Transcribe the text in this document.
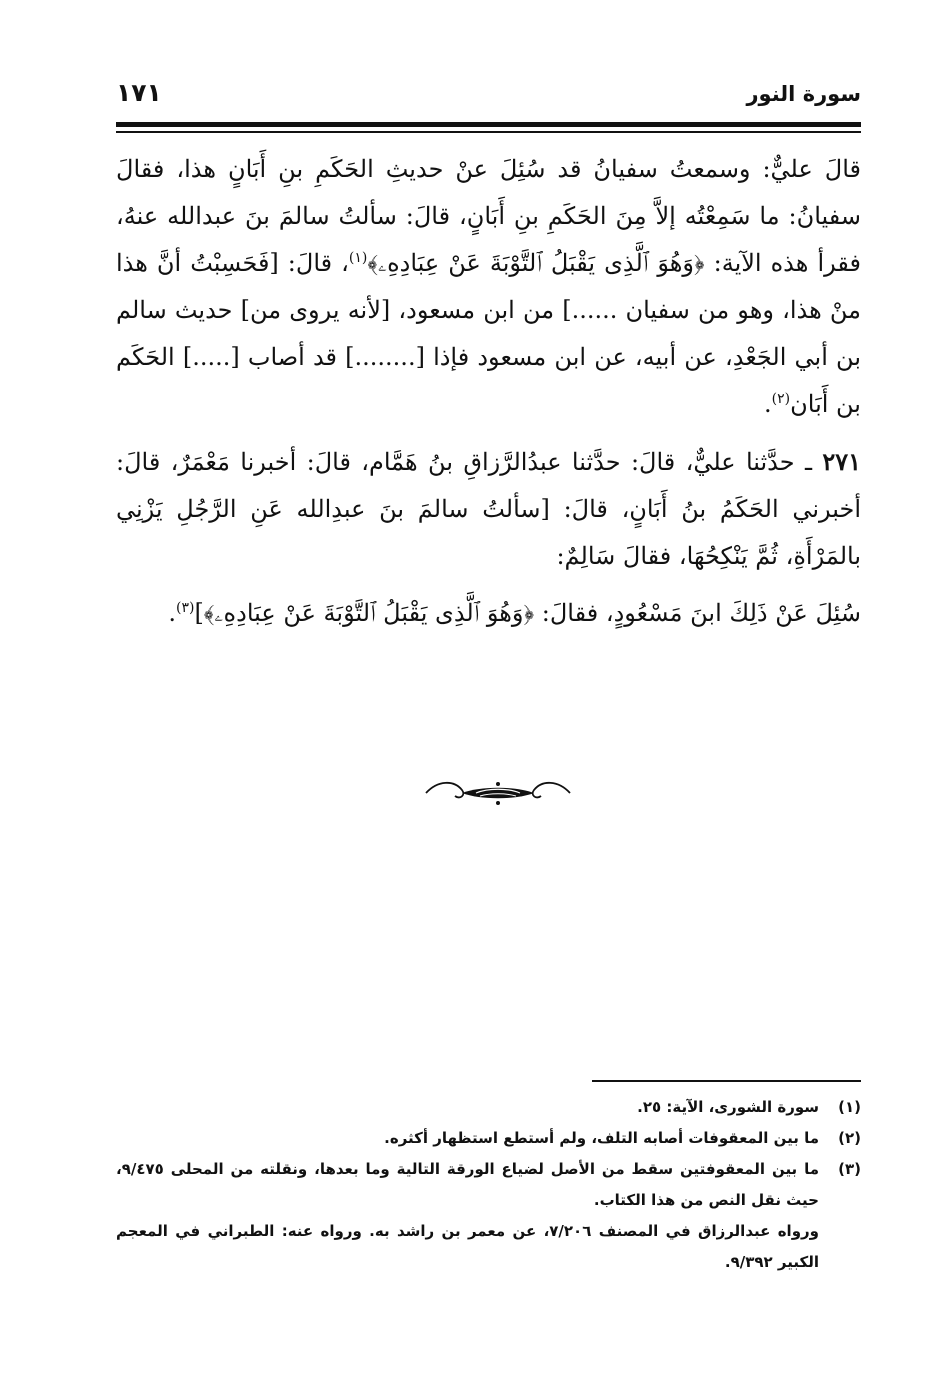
سورة النور
١٧١

قالَ عليٌّ: وسمعتُ سفيانُ قد سُئِلَ عنْ حديثِ الحَكَمِ بنِ أَبَانٍ هذا، فقالَ سفيانُ: ما سَمِعْتُه إلاَّ مِنَ الحَكَمِ بنِ أَبَانٍ، قالَ: سألتُ سالمَ بنَ عبدالله عنهُ، فقرأ هذه الآية: ﴿وَهُوَ ٱلَّذِى يَقْبَلُ ٱلتَّوْبَةَ عَنْ عِبَادِهِۦ﴾$^{(١)}$، قالَ: [فَحَسِبْتُ أنَّ هذا منْ هذا، وهو من سفيان ......] من ابن مسعود، [لأنه يروى من] حديث سالم بن أبي الجَعْدِ، عن أبيه، عن ابن مسعود فإذا [........] قد أصاب [.....] الحَكَم بن أَبَان$^{(٢)}$.

٢٧١ ـ حدَّثنا عليٌّ، قالَ: حدَّثنا عبدُالرَّزاقِ بنُ هَمَّام، قالَ: أخبرنا مَعْمَرٌ، قالَ: أخبرني الحَكَمُ بنُ أَبَانٍ، قالَ: [سألتُ سالمَ بنَ عبدِالله عَنِ الرَّجُلِ يَزْنِي بالمَرْأَةِ، ثُمَّ يَنْكِحُهَا، فقالَ سَالِمٌ:

سُئِلَ عَنْ ذَلِكَ ابنَ مَسْعُودٍ، فقالَ: ﴿وَهُوَ ٱلَّذِى يَقْبَلُ ٱلتَّوْبَةَ عَنْ عِبَادِهِۦ﴾]$^{(٣)}$.

(١)
سورة الشورى، الآية: ٢٥.

(٢)
ما بين المعقوفات أصابه التلف، ولم أستطع استظهار أكثره.

(٣)
ما بين المعقوفتين سقط من الأصل لضياع الورقة التالية وما بعدها، ونقلته من المحلى ٩/٤٧٥، حيث نقل النص من هذا الكتاب.

ورواه عبدالرزاق في المصنف ٧/٢٠٦، عن معمر بن راشد به. ورواه عنه: الطبراني في المعجم الكبير ٩/٣٩٢.
